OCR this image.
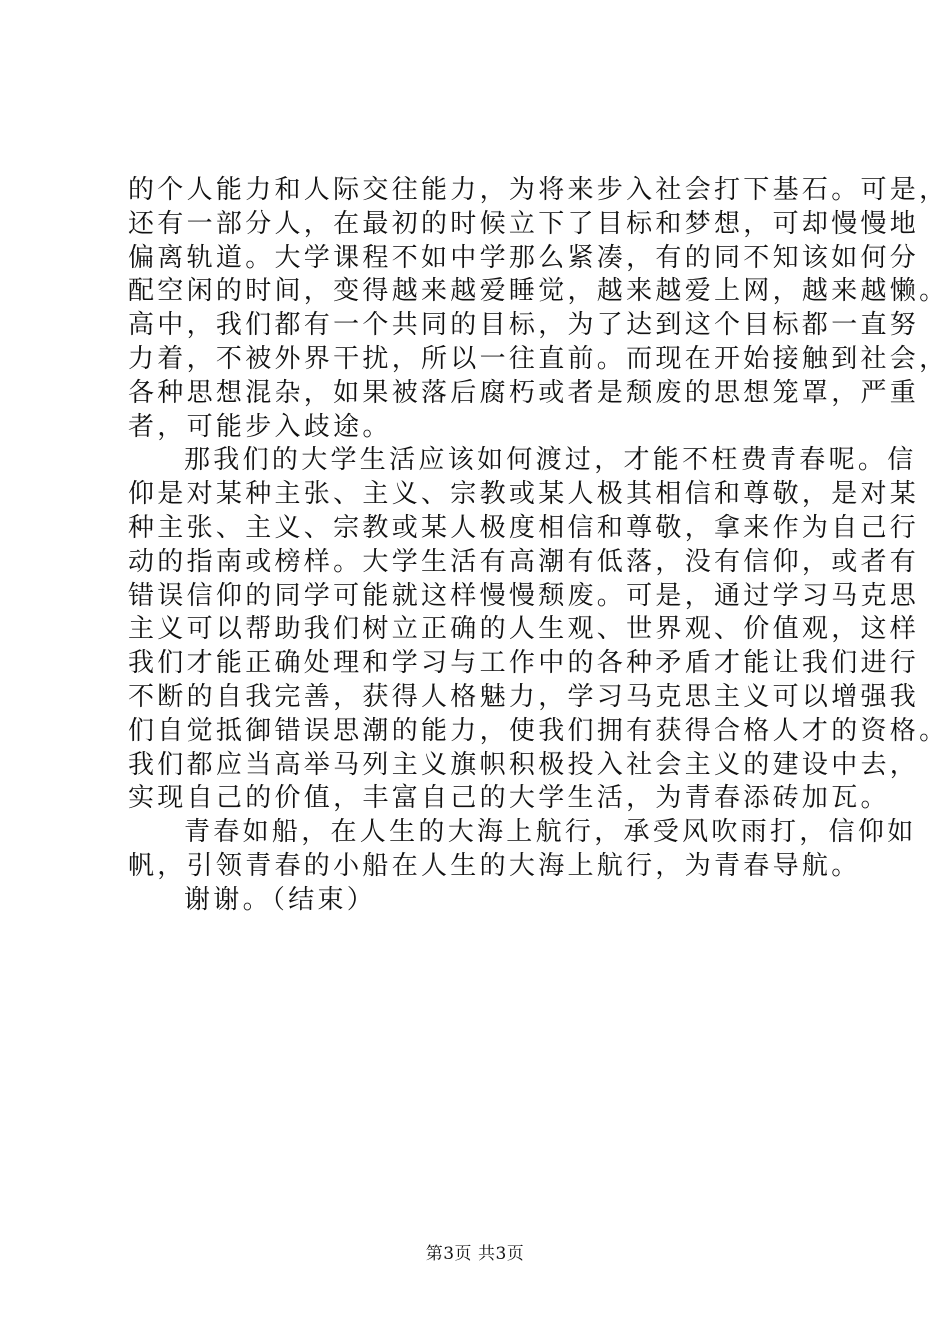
的个人能力和人际交往能力，为将来步入社会打下基石。可是，
还有一部分人，在最初的时候立下了目标和梦想，可却慢慢地
偏离轨道。大学课程不如中学那么紧凑，有的同不知该如何分
配空闲的时间，变得越来越爱睡觉，越来越爱上网，越来越懒。
高中，我们都有一个共同的目标，为了达到这个目标都一直努
力着，不被外界干扰，所以一往直前。而现在开始接触到社会，
各种思想混杂，如果被落后腐朽或者是颓废的思想笼罩，严重
者，可能步入歧途。
那我们的大学生活应该如何渡过，才能不枉费青春呢。信
仰是对某种主张、主义、宗教或某人极其相信和尊敬，是对某
种主张、主义、宗教或某人极度相信和尊敬，拿来作为自己行
动的指南或榜样。大学生活有高潮有低落，没有信仰，或者有
错误信仰的同学可能就这样慢慢颓废。可是，通过学习马克思
主义可以帮助我们树立正确的人生观、世界观、价值观，这样
我们才能正确处理和学习与工作中的各种矛盾才能让我们进行
不断的自我完善，获得人格魅力，学习马克思主义可以增强我
们自觉抵御错误思潮的能力，使我们拥有获得合格人才的资格。
我们都应当高举马列主义旗帜积极投入社会主义的建设中去，
实现自己的价值，丰富自己的大学生活，为青春添砖加瓦。
青春如船，在人生的大海上航行，承受风吹雨打，信仰如
帆，引领青春的小船在人生的大海上航行，为青春导航。
谢谢。（结束）
第3页 共3页
